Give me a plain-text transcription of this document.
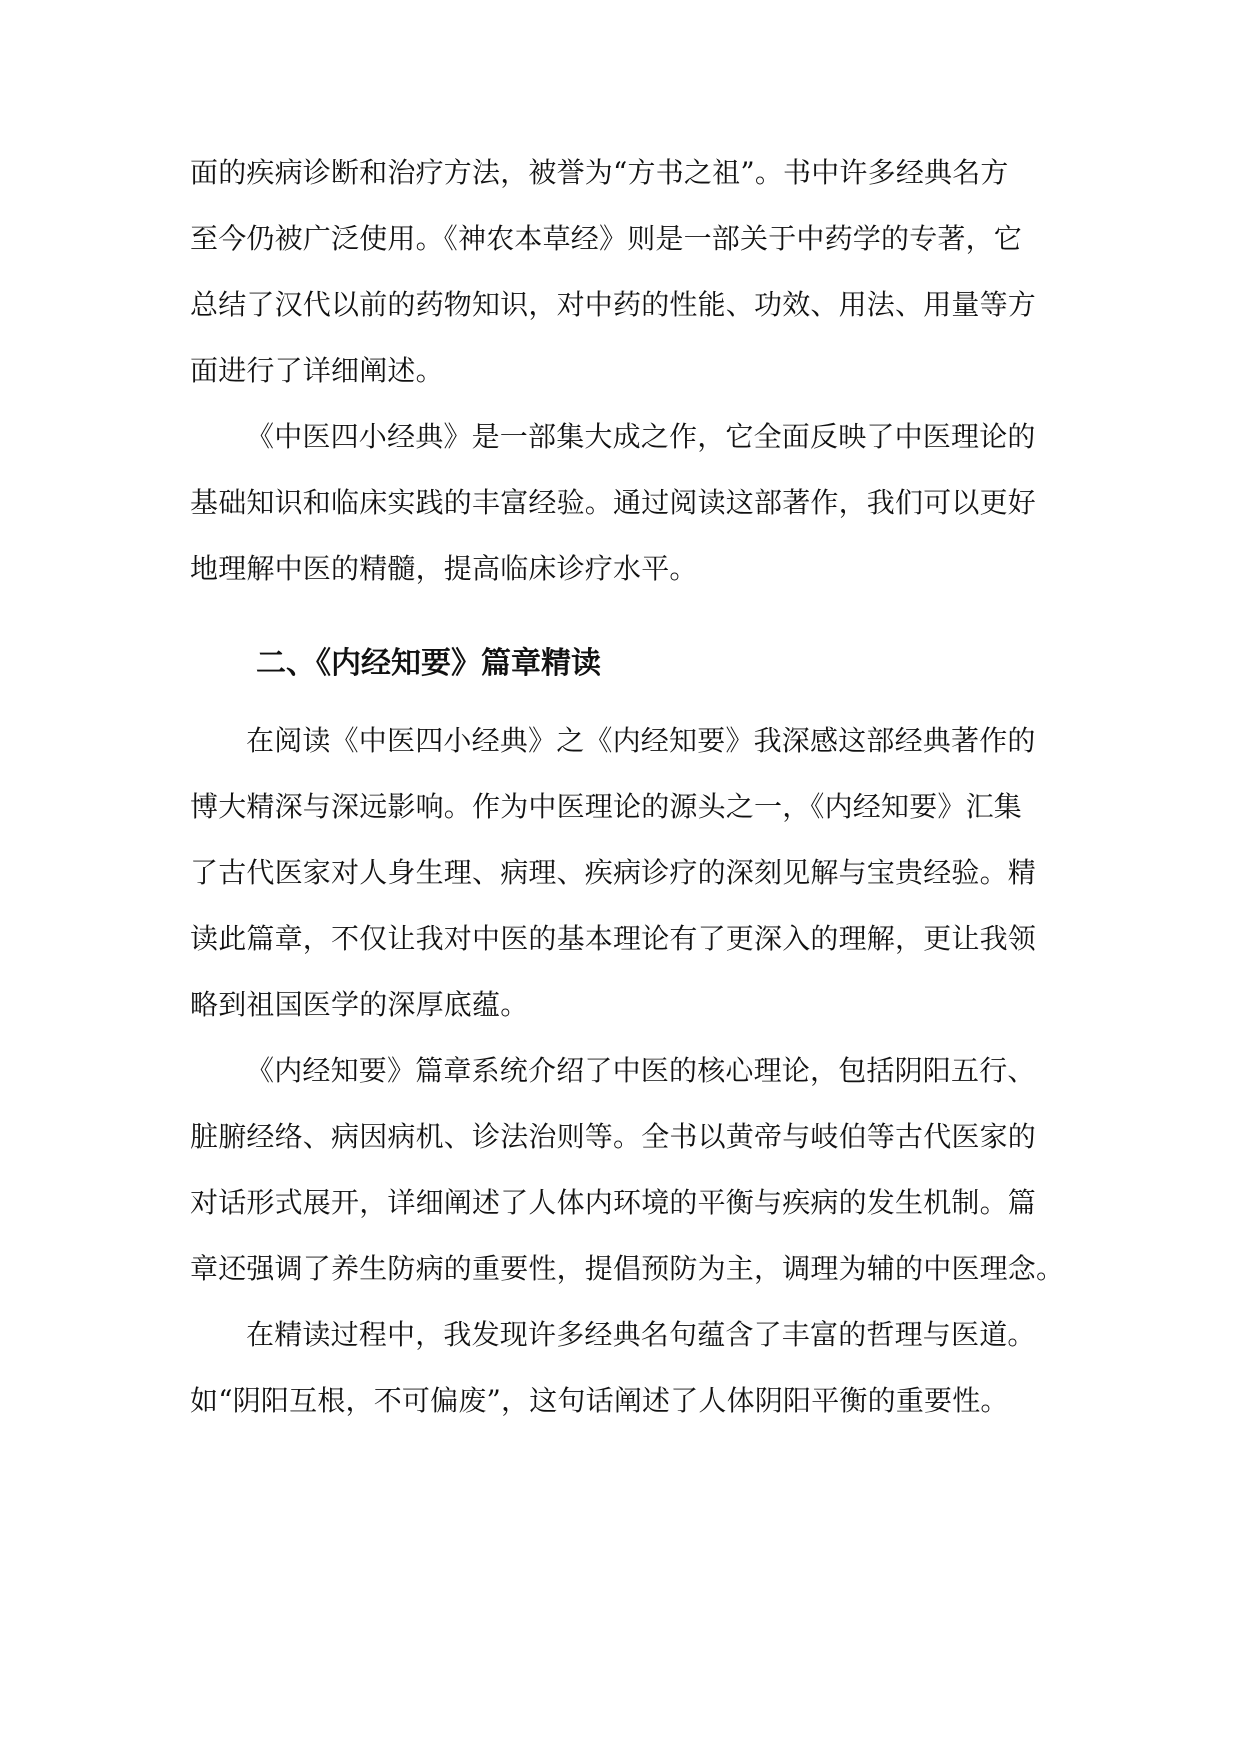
面的疾病诊断和治疗方法，被誉为“方书之祖”。书中许多经典名方
至今仍被广泛使用。《神农本草经》则是一部关于中药学的专著，它
总结了汉代以前的药物知识，对中药的性能、功效、用法、用量等方
面进行了详细阐述。
《中医四小经典》是一部集大成之作，它全面反映了中医理论的
基础知识和临床实践的丰富经验。通过阅读这部著作，我们可以更好
地理解中医的精髓，提高临床诊疗水平。
二、《内经知要》篇章精读
在阅读《中医四小经典》之《内经知要》我深感这部经典著作的
博大精深与深远影响。作为中医理论的源头之一，《内经知要》汇集
了古代医家对人身生理、病理、疾病诊疗的深刻见解与宝贵经验。精
读此篇章，不仅让我对中医的基本理论有了更深入的理解，更让我领
略到祖国医学的深厚底蕴。
《内经知要》篇章系统介绍了中医的核心理论，包括阴阳五行、
脏腑经络、病因病机、诊法治则等。全书以黄帝与岐伯等古代医家的
对话形式展开，详细阐述了人体内环境的平衡与疾病的发生机制。篇
章还强调了养生防病的重要性，提倡预防为主，调理为辅的中医理念。
在精读过程中，我发现许多经典名句蕴含了丰富的哲理与医道。
如“阴阳互根，不可偏废”，这句话阐述了人体阴阳平衡的重要性。
